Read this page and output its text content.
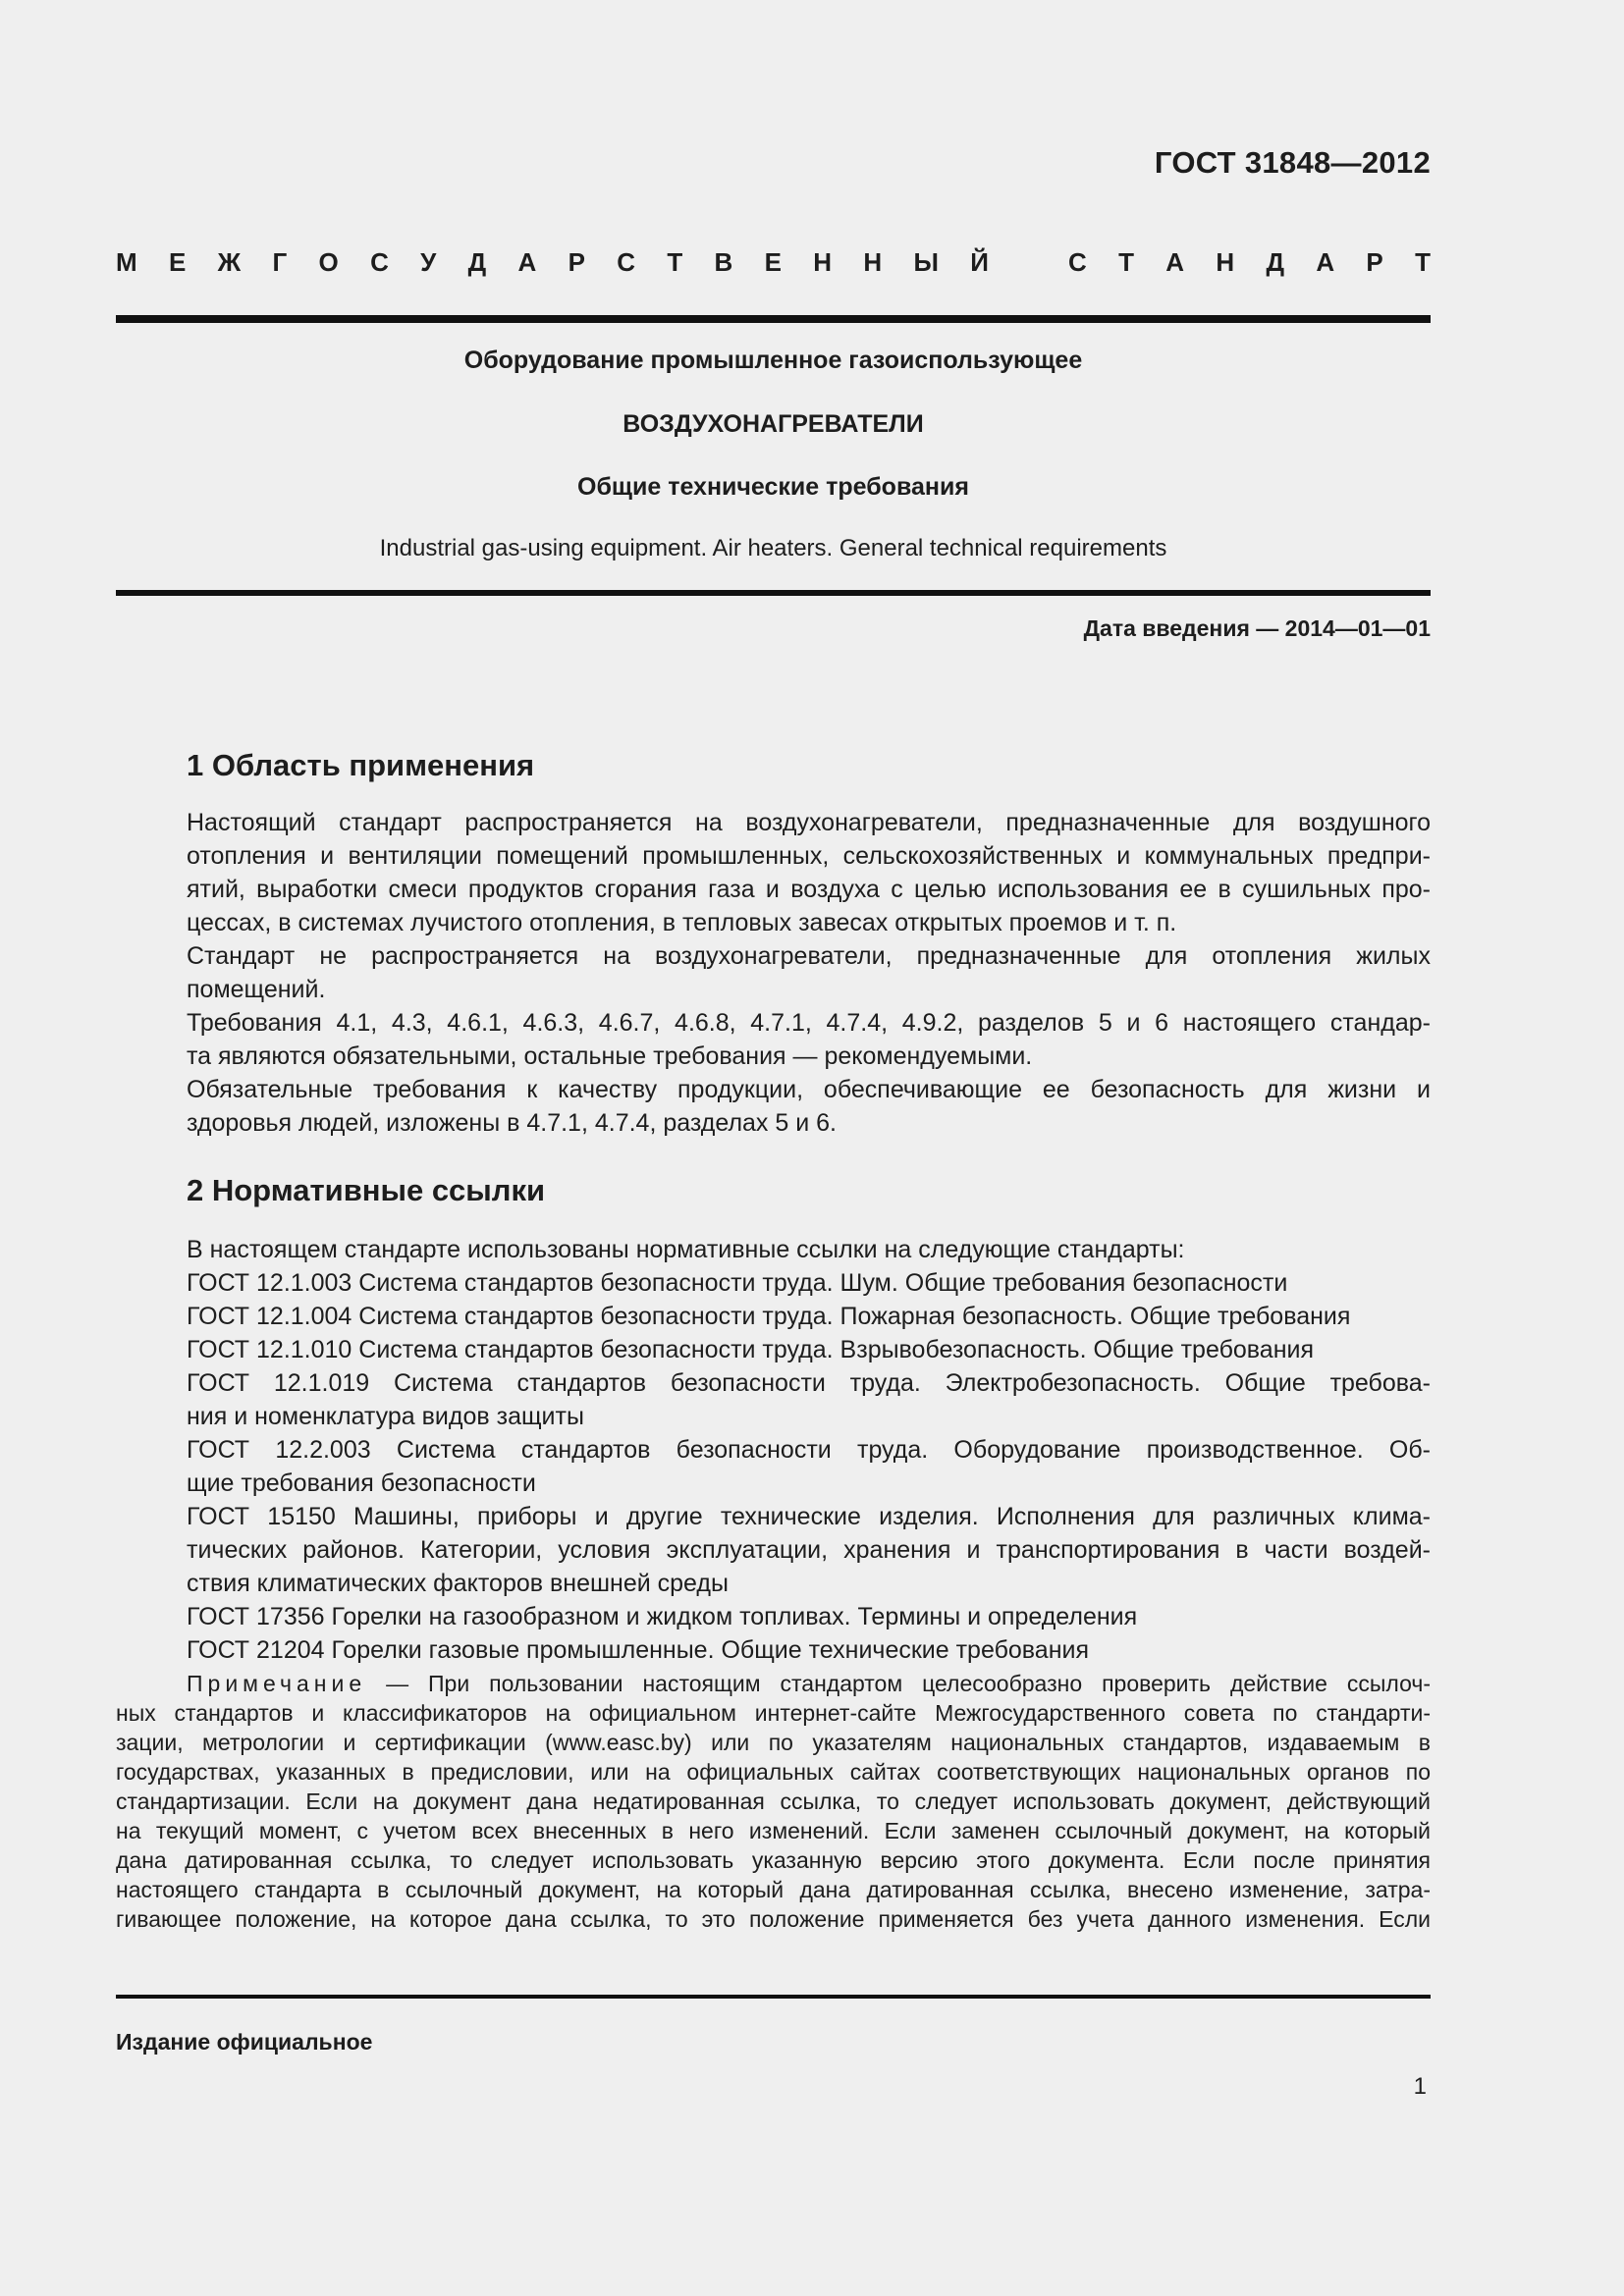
ГОСТ 31848—2012
М Е Ж Г О С У Д А Р С Т В Е Н Н Ы Й	С Т А Н Д А Р Т
Оборудование промышленное газоиспользующее
ВОЗДУХОНАГРЕВАТЕЛИ
Общие технические требования
Industrial gas-using equipment. Air heaters. General technical requirements
Дата введения — 2014—01—01
1 Область применения

Настоящий стандарт распространяется на воздухонагреватели, предназначенные для воздушного
отопления и вентиляции помещений промышленных, сельскохозяйственных и коммунальных предпри-
ятий, выработки смеси продуктов сгорания газа и воздуха с целью использования ее в сушильных про-
цессах, в системах лучистого отопления, в тепловых завесах открытых проемов и т. п.

Стандарт не распространяется на воздухонагреватели, предназначенные для отопления жилых
помещений.

Требования 4.1, 4.3, 4.6.1, 4.6.3, 4.6.7, 4.6.8, 4.7.1, 4.7.4, 4.9.2, разделов 5 и 6 настоящего стандар-
та являются обязательными, остальные требования — рекомендуемыми.

Обязательные требования к качеству продукции, обеспечивающие ее безопасность для жизни и
здоровья людей, изложены в 4.7.1, 4.7.4, разделах 5 и 6.

2 Нормативные ссылки

В настоящем стандарте использованы нормативные ссылки на следующие стандарты:

ГОСТ 12.1.003 Система стандартов безопасности труда. Шум. Общие требования безопасности

ГОСТ 12.1.004 Система стандартов безопасности труда. Пожарная безопасность. Общие требования

ГОСТ 12.1.010 Система стандартов безопасности труда. Взрывобезопасность. Общие требования

ГОСТ 12.1.019 Система стандартов безопасности труда. Электробезопасность. Общие требова-
ния и номенклатура видов защиты

ГОСТ 12.2.003 Система стандартов безопасности труда. Оборудование производственное. Об-
щие требования безопасности

ГОСТ 15150 Машины, приборы и другие технические изделия. Исполнения для различных клима-
тических районов. Категории, условия эксплуатации, хранения и транспортирования в части воздей-
ствия климатических факторов внешней среды

ГОСТ 17356 Горелки на газообразном и жидком топливах. Термины и определения

ГОСТ 21204 Горелки газовые промышленные. Общие технические требования

Примечание — При пользовании настоящим стандартом целесообразно проверить действие ссылоч-
ных стандартов и классификаторов на официальном интернет-сайте Межгосударственного совета по стандарти-
зации, метрологии и сертификации (www.easc.by) или по указателям национальных стандартов, издаваемым в
государствах, указанных в предисловии, или на официальных сайтах соответствующих национальных органов по
стандартизации. Если на документ дана недатированная ссылка, то следует использовать документ, действующий
на текущий момент, с учетом всех внесенных в него изменений. Если заменен ссылочный документ, на который
дана датированная ссылка, то следует использовать указанную версию этого документа. Если после принятия
настоящего стандарта в ссылочный документ, на который дана датированная ссылка, внесено изменение, затра-
гивающее положение, на которое дана ссылка, то это положение применяется без учета данного изменения. Если
Издание официальное
1
